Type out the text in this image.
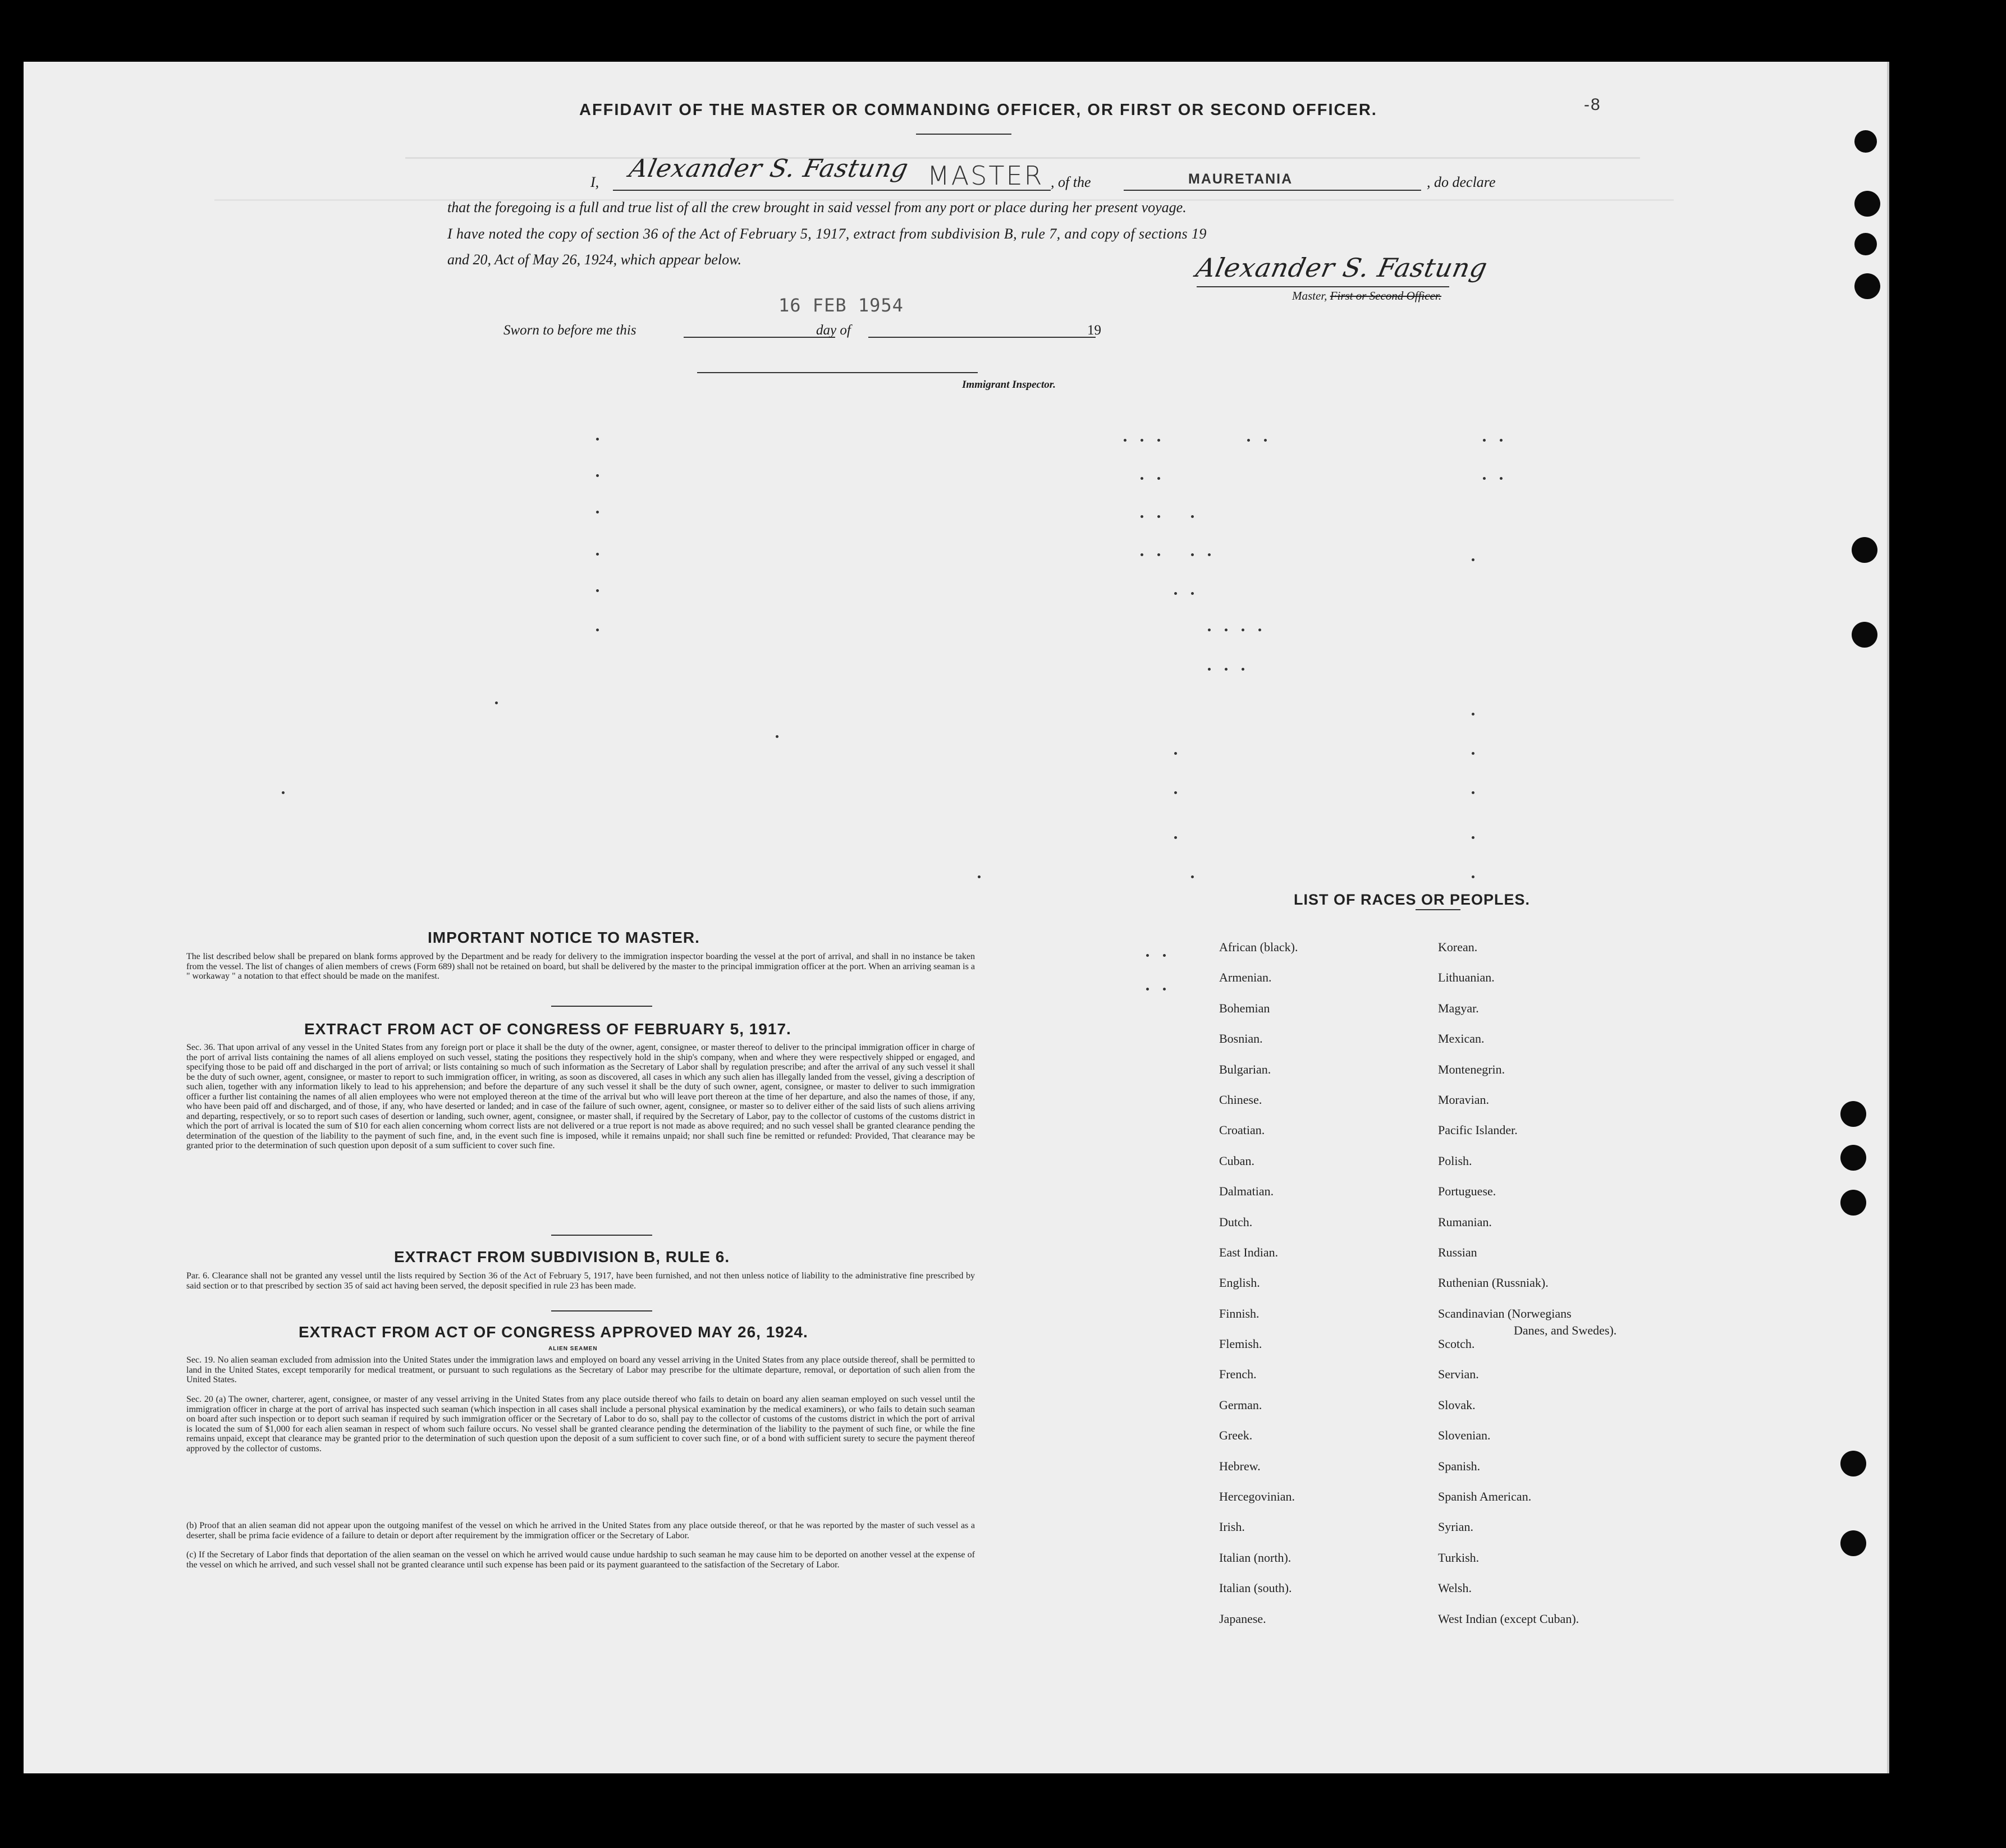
-8
AFFIDAVIT OF THE MASTER OR COMMANDING OFFICER, OR FIRST OR SECOND OFFICER.
I, Alexander S. Fastung MASTER , of the	MAURETANIA	, do declare
that the foregoing is a full and true list of all the crew brought in said vessel from any port or place during her present voyage.
I have noted the copy of section 36 of the Act of February 5, 1917, extract from subdivision B, rule 7, and copy of sections 19
and 20, Act of May 26, 1924, which appear below.	Alexander S. Fastung
Master, First or Second Officer.
16 FEB 1954
Sworn to before me this	day of	19
Immigrant Inspector.
IMPORTANT NOTICE TO MASTER.
The list described below shall be prepared on blank forms approved by the Department and be ready for delivery to the immigration inspector boarding the vessel at the port of arrival, and shall in no instance be taken from the vessel. The list of changes of alien members of crews (Form 689) shall not be retained on board, but shall be delivered by the master to the principal immigration officer at the port. When an arriving seaman is a " workaway " a notation to that effect should be made on the manifest.
EXTRACT FROM ACT OF CONGRESS OF FEBRUARY 5, 1917.
Sec. 36. That upon arrival of any vessel in the United States from any foreign port or place it shall be the duty of the owner, agent, consignee, or master thereof to deliver to the principal immigration officer in charge of the port of arrival lists containing the names of all aliens employed on such vessel, stating the positions they respectively hold in the ship's company, when and where they were respectively shipped or engaged, and specifying those to be paid off and discharged in the port of arrival; or lists containing so much of such information as the Secretary of Labor shall by regulation prescribe; and after the arrival of any such vessel it shall be the duty of such owner, agent, consignee, or master to report to such immigration officer, in writing, as soon as discovered, all cases in which any such alien has illegally landed from the vessel, giving a description of such alien, together with any information likely to lead to his apprehension; and before the departure of any such vessel it shall be the duty of such owner, agent, consignee, or master to deliver to such immigration officer a further list containing the names of all alien employees who were not employed thereon at the time of the arrival but who will leave port thereon at the time of her departure, and also the names of those, if any, who have been paid off and discharged, and of those, if any, who have deserted or landed; and in case of the failure of such owner, agent, consignee, or master so to deliver either of the said lists of such aliens arriving and departing, respectively, or so to report such cases of desertion or landing, such owner, agent, consignee, or master shall, if required by the Secretary of Labor, pay to the collector of customs of the customs district in which the port of arrival is located the sum of $10 for each alien concerning whom correct lists are not delivered or a true report is not made as above required; and no such vessel shall be granted clearance pending the determination of the question of the liability to the payment of such fine, and, in the event such fine is imposed, while it remains unpaid; nor shall such fine be remitted or refunded: Provided, That clearance may be granted prior to the determination of such question upon deposit of a sum sufficient to cover such fine.
EXTRACT FROM SUBDIVISION B, RULE 6.
Par. 6. Clearance shall not be granted any vessel until the lists required by Section 36 of the Act of February 5, 1917, have been furnished, and not then unless notice of liability to the administrative fine prescribed by said section or to that prescribed by section 35 of said act having been served, the deposit specified in rule 23 has been made.
EXTRACT FROM ACT OF CONGRESS APPROVED MAY 26, 1924.
ALIEN SEAMEN
Sec. 19. No alien seaman excluded from admission into the United States under the immigration laws and employed on board any vessel arriving in the United States from any place outside thereof, shall be permitted to land in the United States, except temporarily for medical treatment, or pursuant to such regulations as the Secretary of Labor may prescribe for the ultimate departure, removal, or deportation of such alien from the United States.
Sec. 20 (a) The owner, charterer, agent, consignee, or master of any vessel arriving in the United States from any place outside thereof who fails to detain on board any alien seaman employed on such vessel until the immigration officer in charge at the port of arrival has inspected such seaman (which inspection in all cases shall include a personal physical examination by the medical examiners), or who fails to detain such seaman on board after such inspection or to deport such seaman if required by such immigration officer or the Secretary of Labor to do so, shall pay to the collector of customs of the customs district in which the port of arrival is located the sum of $1,000 for each alien seaman in respect of whom such failure occurs. No vessel shall be granted clearance pending the determination of the liability to the payment of such fine, or while the fine remains unpaid, except that clearance may be granted prior to the determination of such question upon the deposit of a sum sufficient to cover such fine, or of a bond with sufficient surety to secure the payment thereof approved by the collector of customs.
(b) Proof that an alien seaman did not appear upon the outgoing manifest of the vessel on which he arrived in the United States from any place outside thereof, or that he was reported by the master of such vessel as a deserter, shall be prima facie evidence of a failure to detain or deport after requirement by the immigration officer or the Secretary of Labor.
(c) If the Secretary of Labor finds that deportation of the alien seaman on the vessel on which he arrived would cause undue hardship to such seaman he may cause him to be deported on another vessel at the expense of the vessel on which he arrived, and such vessel shall not be granted clearance until such expense has been paid or its payment guaranteed to the satisfaction of the Secretary of Labor.
LIST OF RACES OR PEOPLES.
African (black).
Armenian.
Bohemian
Bosnian.
Bulgarian.
Chinese.
Croatian.
Cuban.
Dalmatian.
Dutch.
East Indian.
English.
Finnish.
Flemish.
French.
German.
Greek.
Hebrew.
Hercegovinian.
Irish.
Italian (north).
Italian (south).
Japanese.
Korean.
Lithuanian.
Magyar.
Mexican.
Montenegrin.
Moravian.
Pacific Islander.
Polish.
Portuguese.
Rumanian.
Russian
Ruthenian (Russniak).
Scandinavian (Norwegians
Scotch.
Servian.
Slovak.
Slovenian.
Spanish.
Spanish American.
Syrian.
Turkish.
Welsh.
West Indian (except Cuban).
Danes, and Swedes).
